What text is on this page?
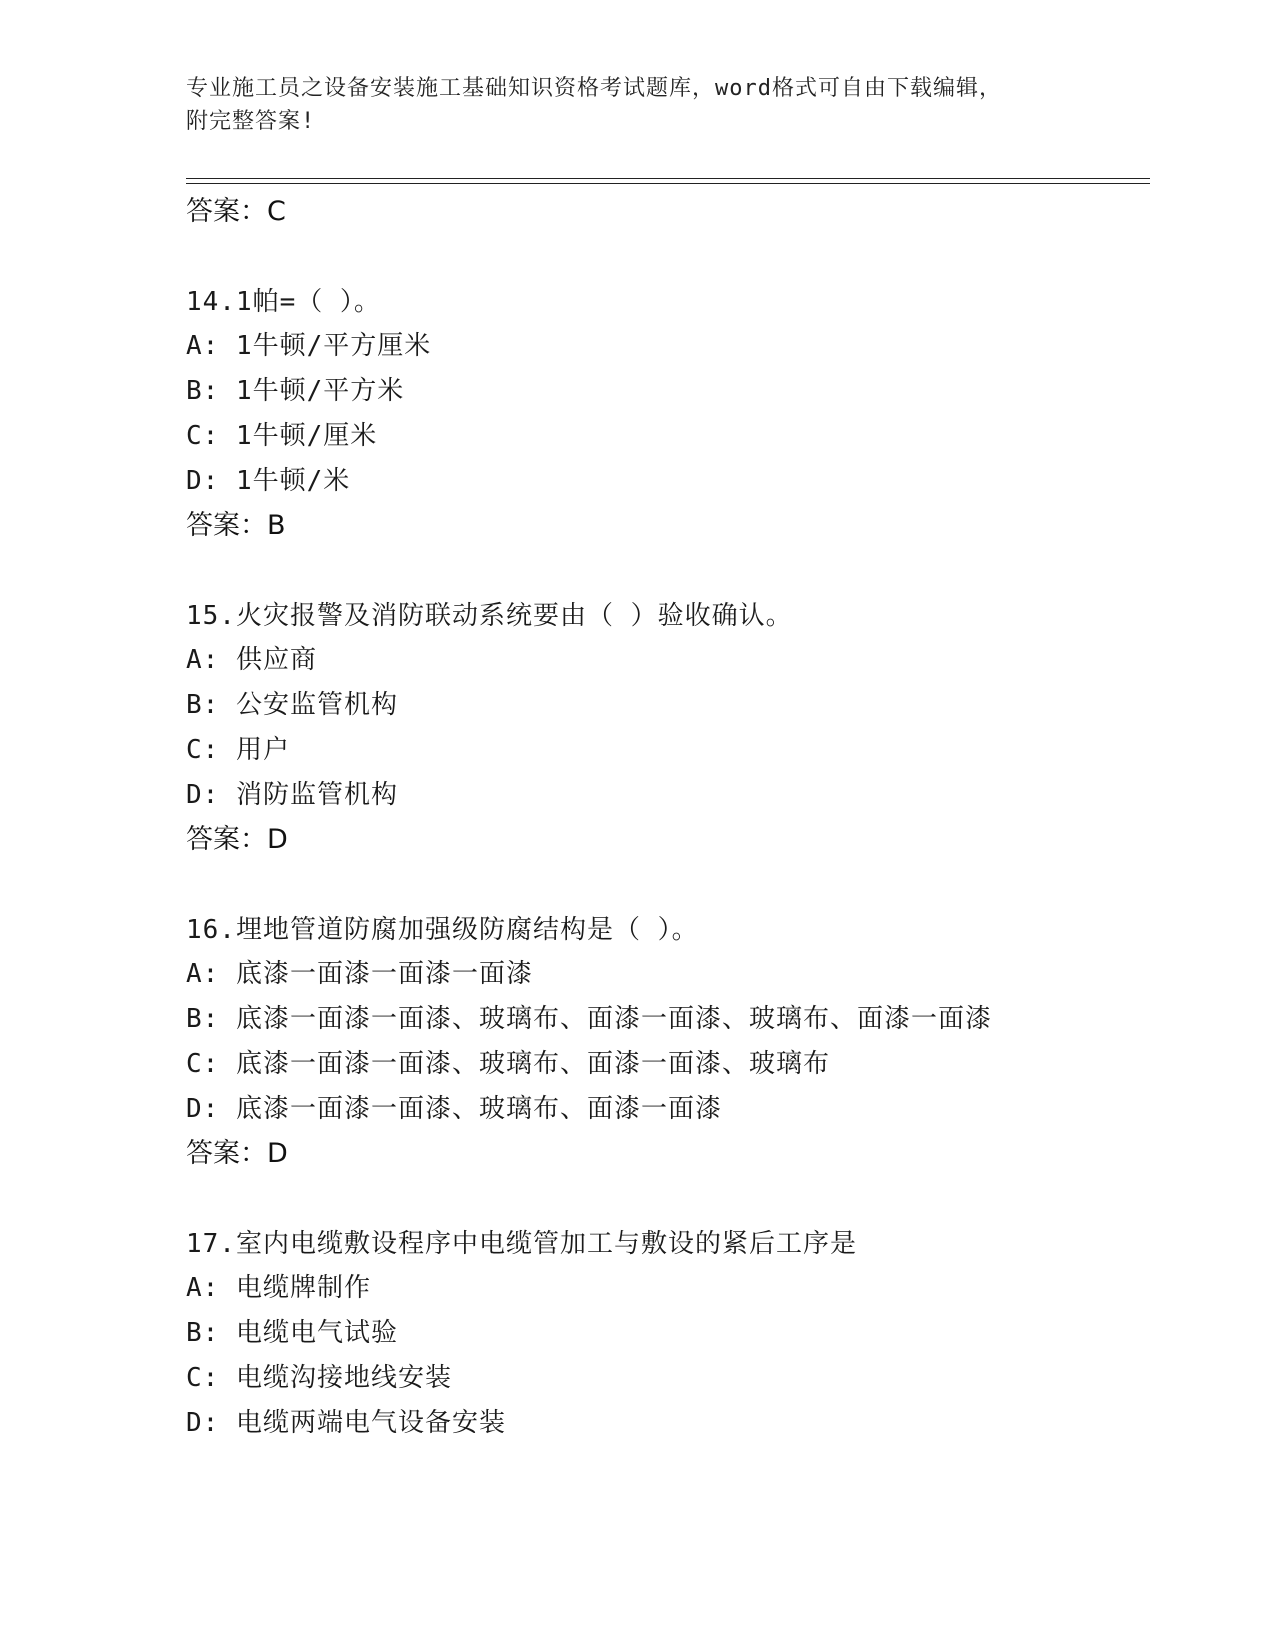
专业施工员之设备安装施工基础知识资格考试题库，word格式可自由下载编辑，
附完整答案!
答案：C
14.1帕=（ ）。
A: 1牛顿/平方厘米
B: 1牛顿/平方米
C: 1牛顿/厘米
D: 1牛顿/米
答案：B
15.火灾报警及消防联动系统要由（ ）验收确认。
A: 供应商
B: 公安监管机构
C: 用户
D: 消防监管机构
答案：D
16.埋地管道防腐加强级防腐结构是（ ）。
A: 底漆一面漆一面漆一面漆
B: 底漆一面漆一面漆、玻璃布、面漆一面漆、玻璃布、面漆一面漆
C: 底漆一面漆一面漆、玻璃布、面漆一面漆、玻璃布
D: 底漆一面漆一面漆、玻璃布、面漆一面漆
答案：D
17.室内电缆敷设程序中电缆管加工与敷设的紧后工序是
A: 电缆牌制作
B: 电缆电气试验
C: 电缆沟接地线安装
D: 电缆两端电气设备安装
